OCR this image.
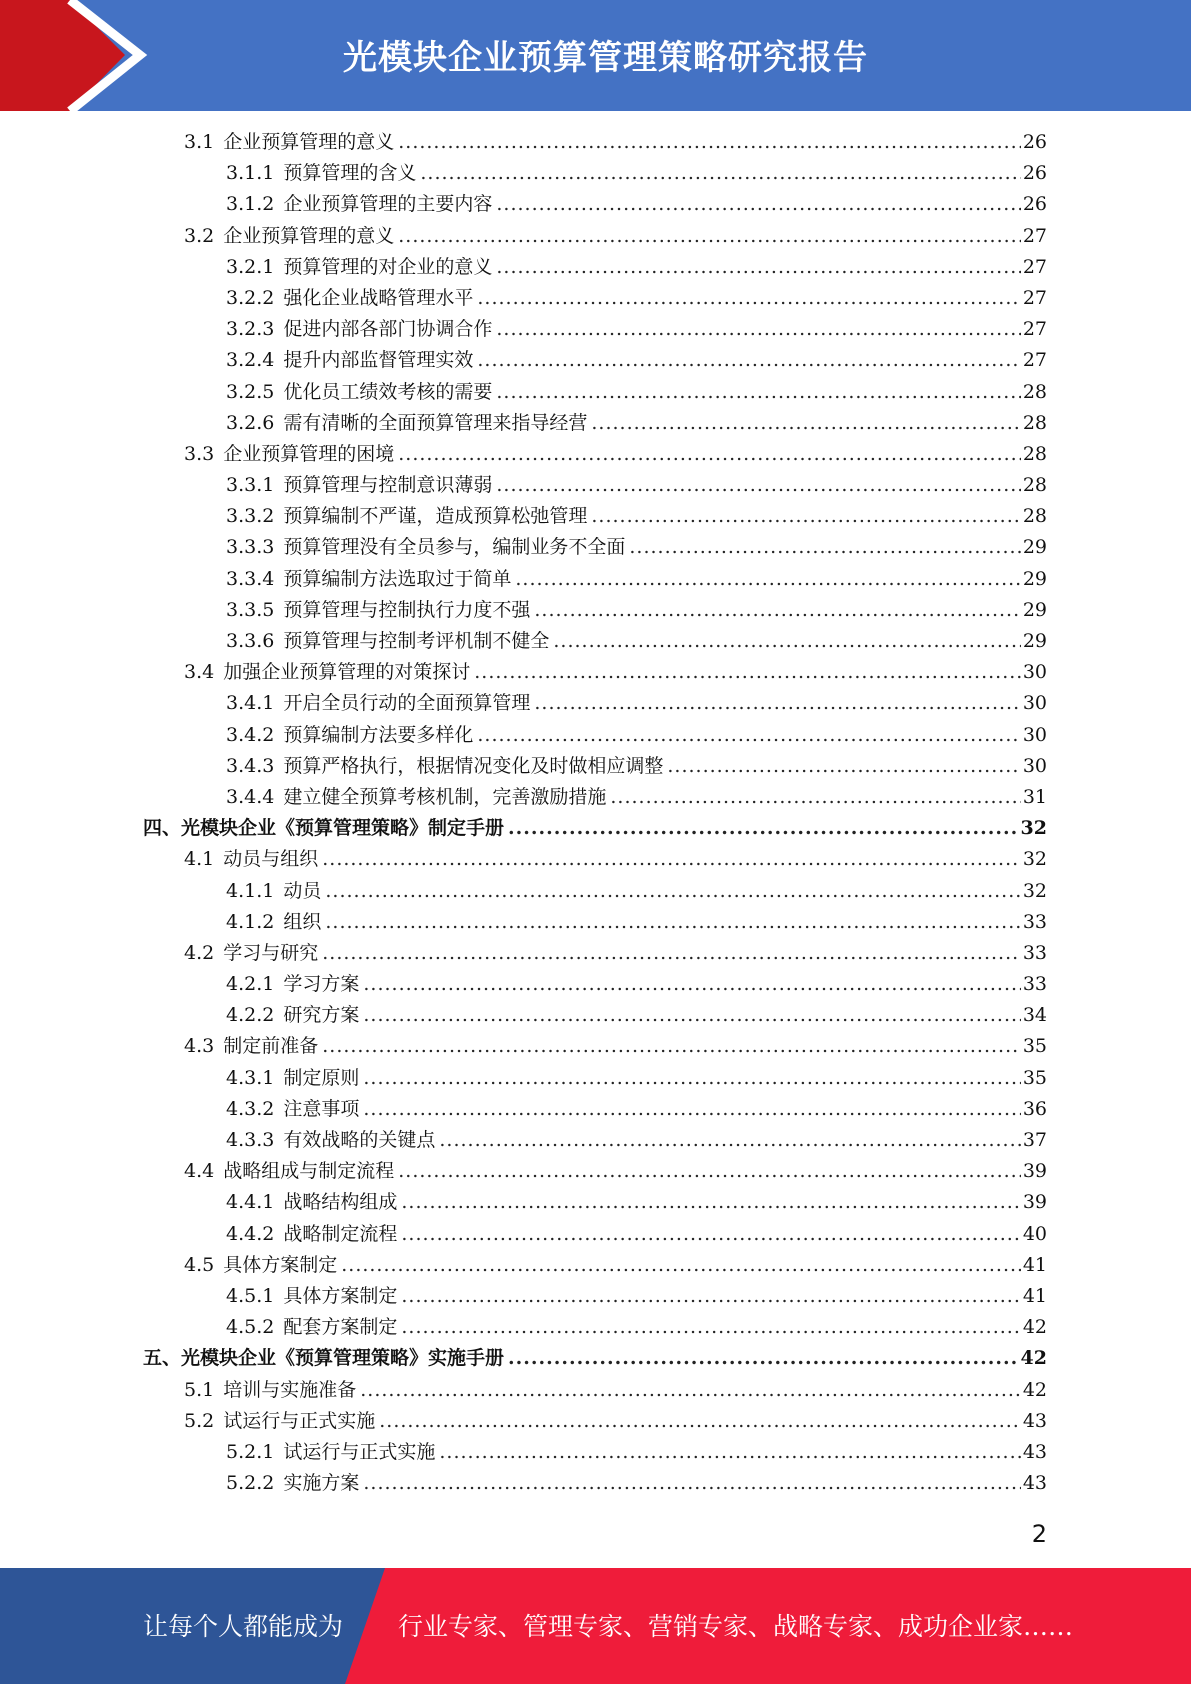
光模块企业预算管理策略研究报告
3.1 企业预算管理的意义 .....	26
3.1.1 预算管理的含义 .....	26
3.1.2 企业预算管理的主要内容 .....	26
3.2 企业预算管理的意义 .....	27
3.2.1 预算管理的对企业的意义 .....	27
3.2.2 强化企业战略管理水平 .....	27
3.2.3 促进内部各部门协调合作 .....	27
3.2.4 提升内部监督管理实效 .....	27
3.2.5 优化员工绩效考核的需要 .....	28
3.2.6 需有清晰的全面预算管理来指导经营 .....	28
3.3 企业预算管理的困境 .....	28
3.3.1 预算管理与控制意识薄弱 .....	28
3.3.2 预算编制不严谨，造成预算松弛管理 .....	28
3.3.3 预算管理没有全员参与，编制业务不全面 .....	29
3.3.4 预算编制方法选取过于简单 .....	29
3.3.5 预算管理与控制执行力度不强 .....	29
3.3.6 预算管理与控制考评机制不健全 .....	29
3.4 加强企业预算管理的对策探讨 .....	30
3.4.1 开启全员行动的全面预算管理 .....	30
3.4.2 预算编制方法要多样化 .....	30
3.4.3 预算严格执行，根据情况变化及时做相应调整 .....	30
3.4.4 建立健全预算考核机制，完善激励措施 .....	31
四、 光模块企业《预算管理策略》制定手册 .....	32
4.1 动员与组织 .....	32
4.1.1 动员 .....	32
4.1.2 组织 .....	33
4.2 学习与研究 .....	33
4.2.1 学习方案 .....	33
4.2.2 研究方案 .....	34
4.3 制定前准备 .....	35
4.3.1 制定原则 .....	35
4.3.2 注意事项 .....	36
4.3.3 有效战略的关键点 .....	37
4.4 战略组成与制定流程 .....	39
4.4.1 战略结构组成 .....	39
4.4.2 战略制定流程 .....	40
4.5 具体方案制定 .....	41
4.5.1 具体方案制定 .....	41
4.5.2 配套方案制定 .....	42
五、 光模块企业《预算管理策略》实施手册 .....	42
5.1 培训与实施准备 .....	42
5.2 试运行与正式实施 .....	43
5.2.1 试运行与正式实施 .....	43
5.2.2 实施方案 .....	43
2
让每个人都能成为 行业专家、管理专家、营销专家、战略专家、成功企业家……
